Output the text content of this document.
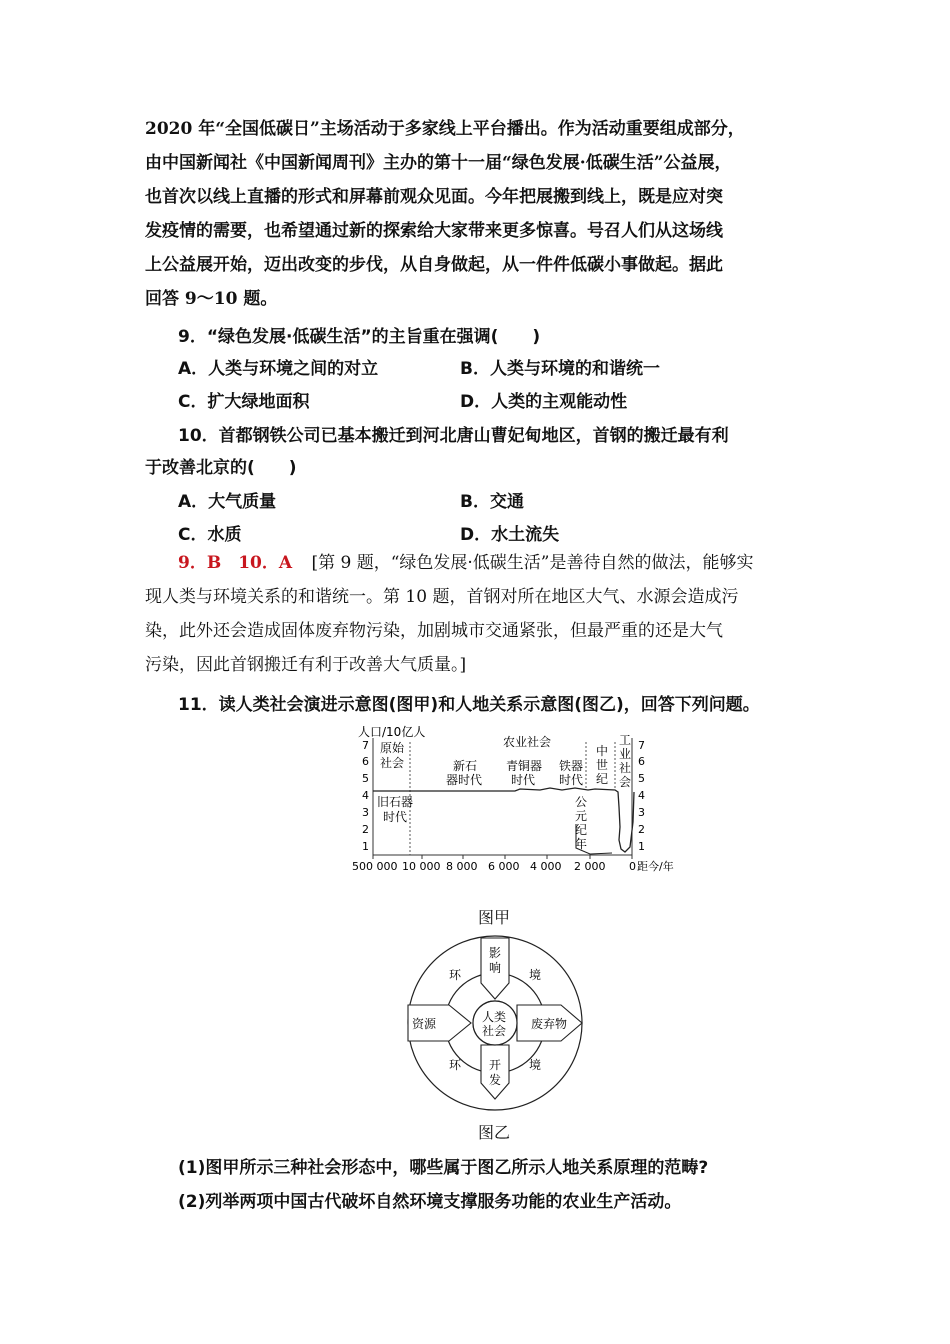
2020 年“全国低碳日”主场活动于多家线上平台播出。作为活动重要组成部分，
由中国新闻社《中国新闻周刊》主办的第十一届“绿色发展·低碳生活”公益展，
也首次以线上直播的形式和屏幕前观众见面。今年把展搬到线上，既是应对突
发疫情的需要，也希望通过新的探索给大家带来更多惊喜。号召人们从这场线
上公益展开始，迈出改变的步伐，从自身做起，从一件件低碳小事做起。据此
回答 9～10 题。
9．“绿色发展·低碳生活”的主旨重在强调(　　)
A．人类与环境之间的对立	B．人类与环境的和谐统一
C．扩大绿地面积	D．人类的主观能动性
10．首都钢铁公司已基本搬迁到河北唐山曹妃甸地区，首钢的搬迁最有利
于改善北京的(　　)
A．大气质量	B．交通
C．水质	D．水土流失
9．B　10．A [第 9 题，“绿色发展·低碳生活”是善待自然的做法，能够实
现人类与环境关系的和谐统一。第 10 题，首钢对所在地区大气、水源会造成污
染，此外还会造成固体废弃物污染，加剧城市交通紧张，但最严重的还是大气
污染，因此首钢搬迁有利于改善大气质量。]
11．读人类社会演进示意图(图甲)和人地关系示意图(图乙)，回答下列问题。
人口/10亿人
1
2
3
4
5
6
7
1
2
3
4
5
6
7
500 000 10 000 8 000 6 000 4 000 2 000 0 距今/年
原始
社会
农业社会
新石
器时代
青铜器
时代
铁器
时代
中
世
纪
工
业
社
会
旧石器
时代
公
元
纪
年
图甲
人类
社会
影
响
开
发
资源	废弃物
环	境
环	境
图乙
(1)图甲所示三种社会形态中，哪些属于图乙所示人地关系原理的范畴?
(2)列举两项中国古代破坏自然环境支撑服务功能的农业生产活动。
